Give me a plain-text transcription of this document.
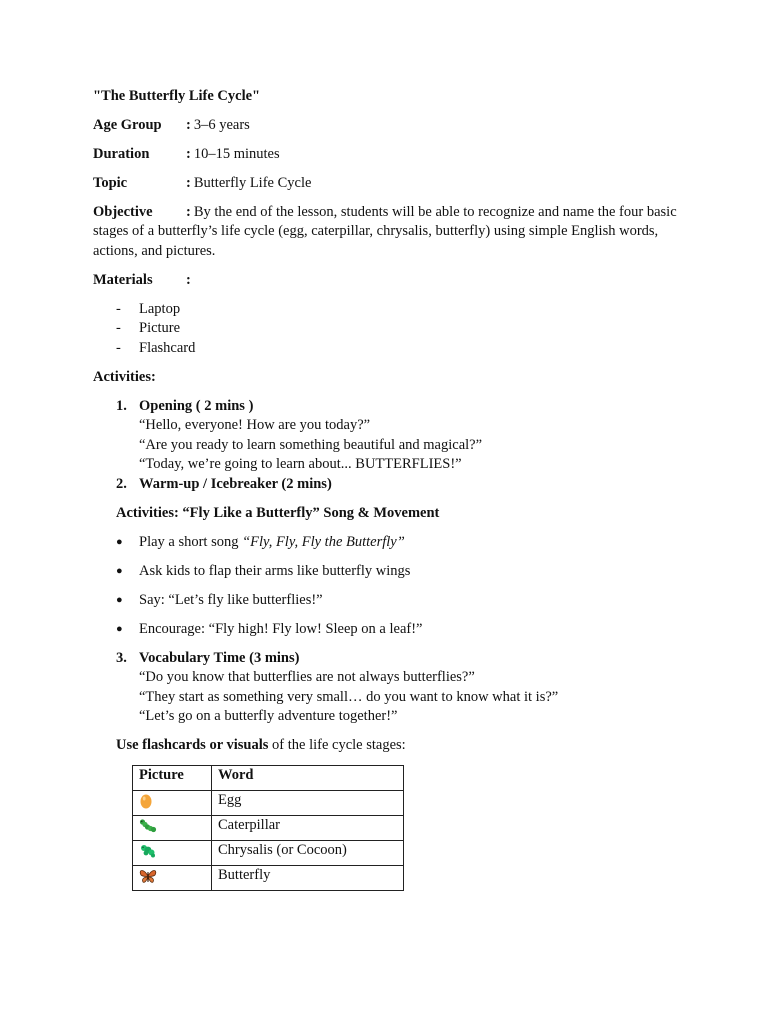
"The Butterfly Life Cycle"

Age Group	: 3–6 years
Duration	: 10–15 minutes
Topic	: Butterfly Life Cycle

Objective : By the end of the lesson, students will be able to recognize and name the four basic stages of a butterfly’s life cycle (egg, caterpillar, chrysalis, butterfly) using simple English words, actions, and pictures.

Materials	:
-	Laptop
-	Picture
-	Flashcard

Activities:

1. Opening ( 2 mins )
“Hello, everyone! How are you today?”
“Are you ready to learn something beautiful and magical?”
“Today, we’re going to learn about... BUTTERFLIES!”
2. Warm-up / Icebreaker (2 mins)

Activities: “Fly Like a Butterfly” Song & Movement

●	Play a short song “Fly, Fly, Fly the Butterfly”
●	Ask kids to flap their arms like butterfly wings
●	Say: “Let’s fly like butterflies!”
●	Encourage: “Fly high! Fly low! Sleep on a leaf!”
3. Vocabulary Time (3 mins)
“Do you know that butterflies are not always butterflies?”
“They start as something very small… do you want to know what it is?”
“Let’s go on a butterfly adventure together!”

Use flashcards or visuals of the life cycle stages:

Picture	Word

	Egg

	Caterpillar

	Chrysalis (or Cocoon)

	Butterfly
